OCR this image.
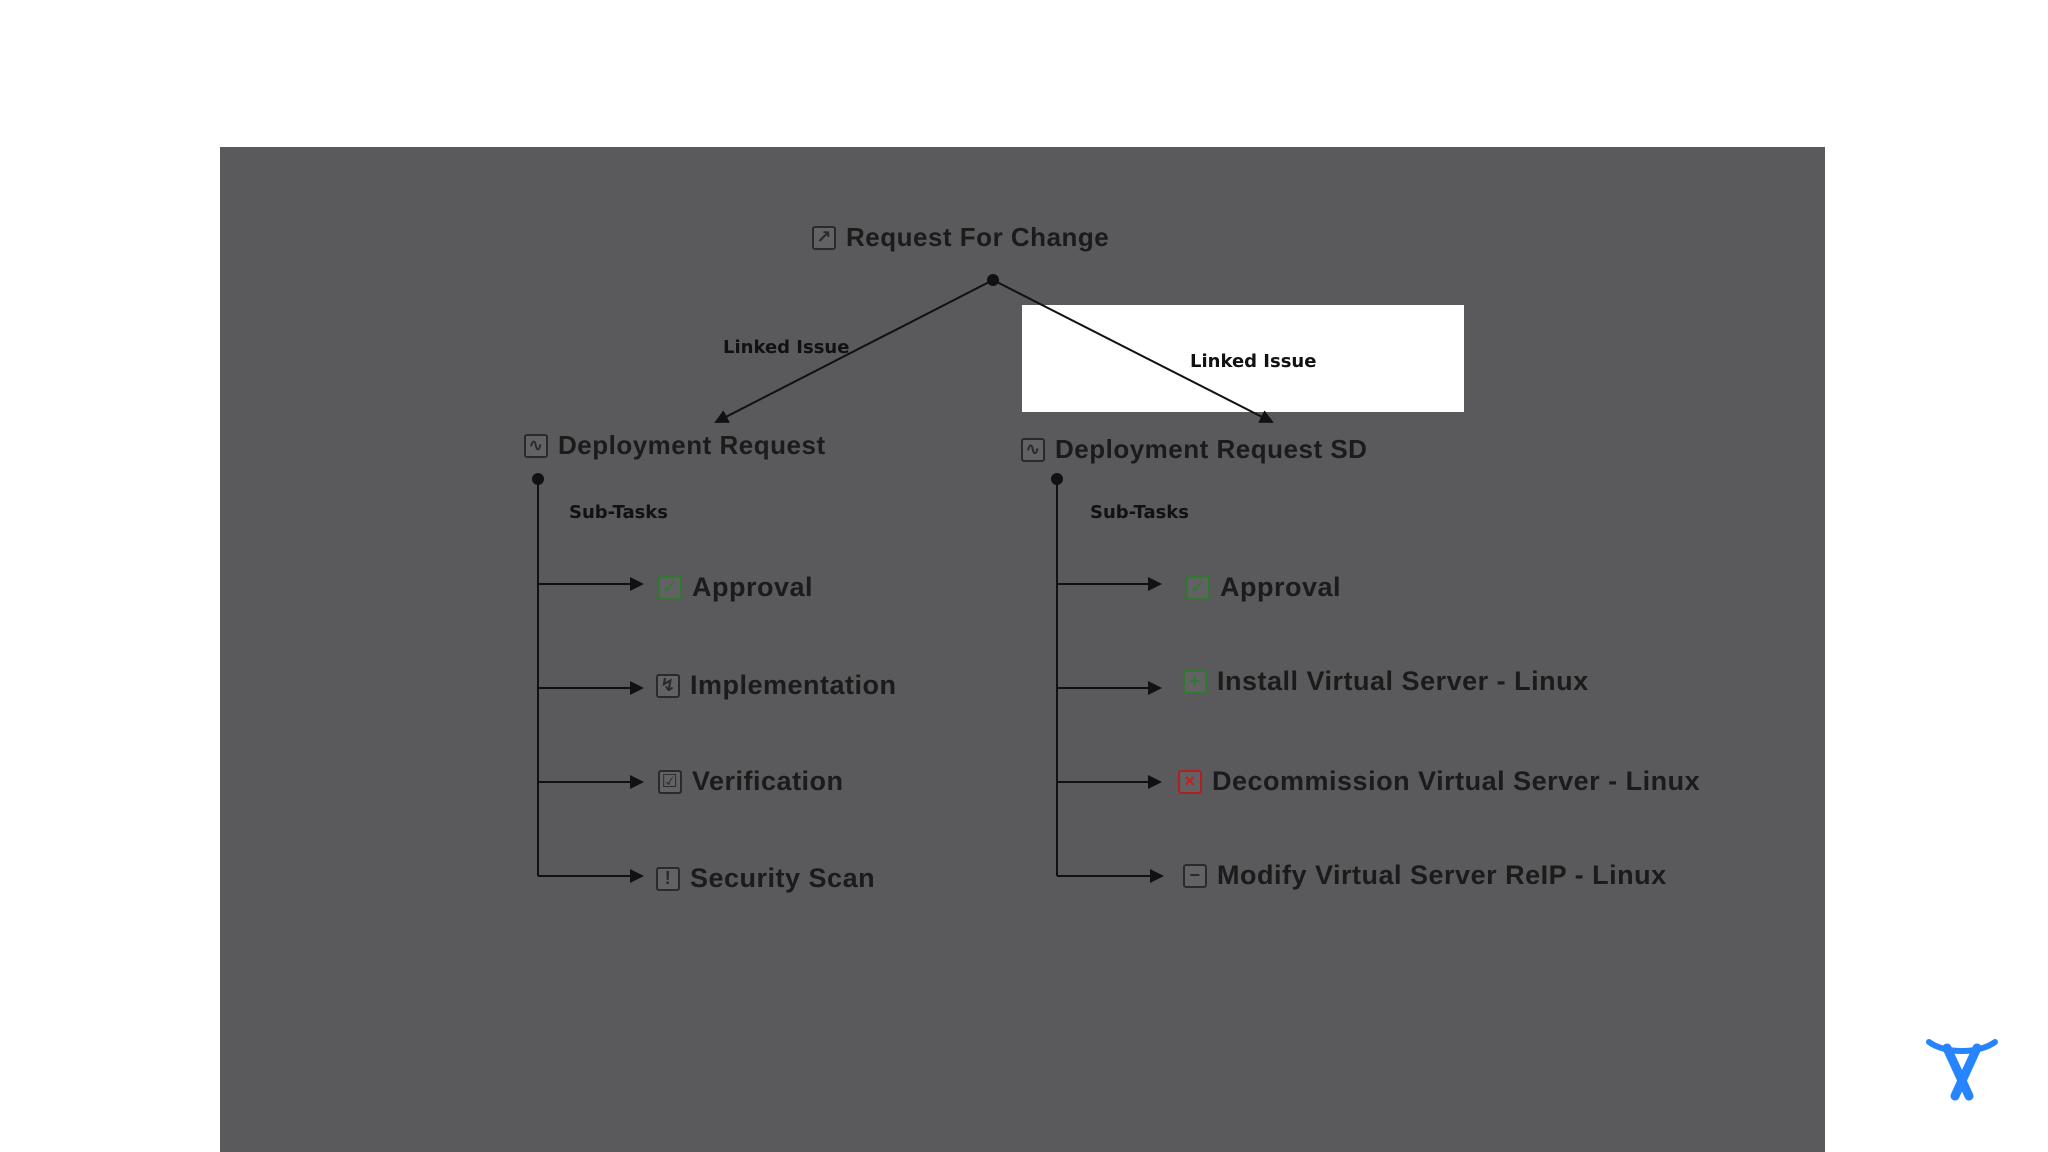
↗ Request For Change
Linked Issue
Linked Issue
∿ Deployment Request
Sub-Tasks
✓ Approval
↯ Implementation
☑ Verification
! Security Scan
∿ Deployment Request SD
Sub-Tasks
✓ Approval
+ Install Virtual Server - Linux
× Decommission Virtual Server - Linux
− Modify Virtual Server ReIP - Linux
